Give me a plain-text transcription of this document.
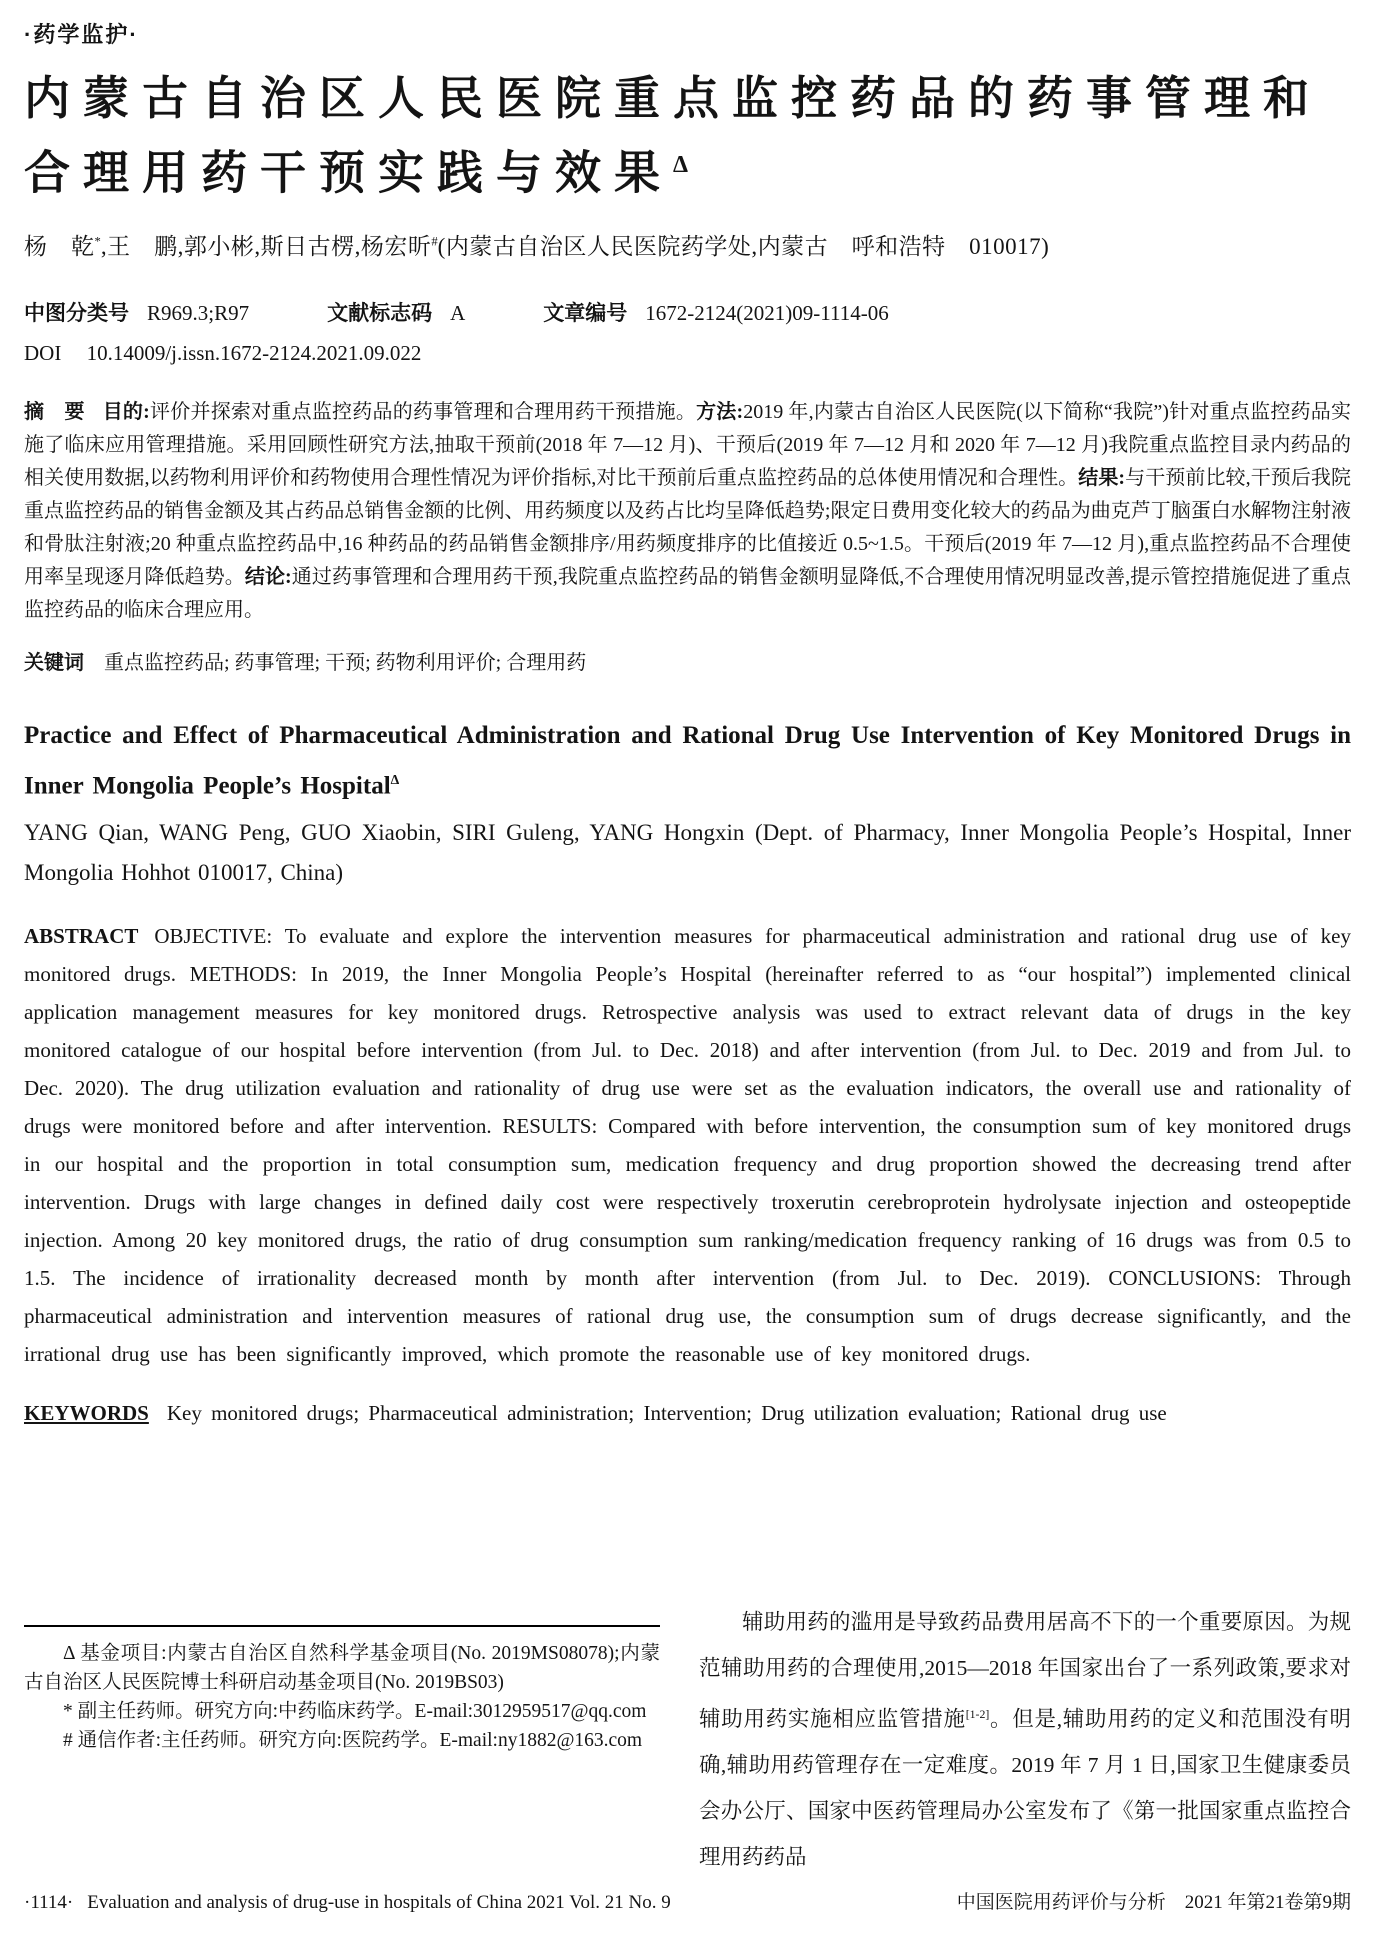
·药学监护·
内蒙古自治区人民医院重点监控药品的药事管理和合理用药干预实践与效果$^\Delta$
杨　乾*,王　鹏,郭小彬,斯日古楞,杨宏昕#(内蒙古自治区人民医院药学处,内蒙古　呼和浩特　010017)
中图分类号 R969.3;R97	文献标志码 A	文章编号 1672-2124(2021)09-1114-06
DOI 10.14009/j.issn.1672-2124.2021.09.022

摘　要 目的:评价并探索对重点监控药品的药事管理和合理用药干预措施。方法:2019 年,内蒙古自治区人民医院(以下简称“我院”)针对重点监控药品实施了临床应用管理措施。采用回顾性研究方法,抽取干预前(2018 年 7—12 月)、干预后(2019 年 7—12 月和 2020 年 7—12 月)我院重点监控目录内药品的相关使用数据,以药物利用评价和药物使用合理性情况为评价指标,对比干预前后重点监控药品的总体使用情况和合理性。结果:与干预前比较,干预后我院重点监控药品的销售金额及其占药品总销售金额的比例、用药频度以及药占比均呈降低趋势;限定日费用变化较大的药品为曲克芦丁脑蛋白水解物注射液和骨肽注射液;20 种重点监控药品中,16 种药品的药品销售金额排序/用药频度排序的比值接近 0.5~1.5。干预后(2019 年 7—12 月),重点监控药品不合理使用率呈现逐月降低趋势。结论:通过药事管理和合理用药干预,我院重点监控药品的销售金额明显降低,不合理使用情况明显改善,提示管控措施促进了重点监控药品的临床合理应用。

关键词 重点监控药品; 药事管理; 干预; 药物利用评价; 合理用药
Practice and Effect of Pharmaceutical Administration and Rational Drug Use Intervention of Key Monitored Drugs in Inner Mongolia People’s Hospital$^\Delta$
YANG Qian, WANG Peng, GUO Xiaobin, SIRI Guleng, YANG Hongxin (Dept. of Pharmacy, Inner Mongolia People’s Hospital, Inner Mongolia Hohhot 010017, China)

ABSTRACT OBJECTIVE: To evaluate and explore the intervention measures for pharmaceutical administration and rational drug use of key monitored drugs. METHODS: In 2019, the Inner Mongolia People’s Hospital (hereinafter referred to as “our hospital”) implemented clinical application management measures for key monitored drugs. Retrospective analysis was used to extract relevant data of drugs in the key monitored catalogue of our hospital before intervention (from Jul. to Dec. 2018) and after intervention (from Jul. to Dec. 2019 and from Jul. to Dec. 2020). The drug utilization evaluation and rationality of drug use were set as the evaluation indicators, the overall use and rationality of drugs were monitored before and after intervention. RESULTS: Compared with before intervention, the consumption sum of key monitored drugs in our hospital and the proportion in total consumption sum, medication frequency and drug proportion showed the decreasing trend after intervention. Drugs with large changes in defined daily cost were respectively troxerutin cerebroprotein hydrolysate injection and osteopeptide injection. Among 20 key monitored drugs, the ratio of drug consumption sum ranking/medication frequency ranking of 16 drugs was from 0.5 to 1.5. The incidence of irrationality decreased month by month after intervention (from Jul. to Dec. 2019). CONCLUSIONS: Through pharmaceutical administration and intervention measures of rational drug use, the consumption sum of drugs decrease significantly, and the irrational drug use has been significantly improved, which promote the reasonable use of key monitored drugs.

KEYWORDS Key monitored drugs; Pharmaceutical administration; Intervention; Drug utilization evaluation; Rational drug use

Δ 基金项目:内蒙古自治区自然科学基金项目(No. 2019MS08078);内蒙古自治区人民医院博士科研启动基金项目(No. 2019BS03)

* 副主任药师。研究方向:中药临床药学。E-mail:3012959517@qq.com

# 通信作者:主任药师。研究方向:医院药学。E-mail:ny1882@163.com

辅助用药的滥用是导致药品费用居高不下的一个重要原因。为规范辅助用药的合理使用,2015—2018 年国家出台了一系列政策,要求对辅助用药实施相应监管措施[1-2]。但是,辅助用药的定义和范围没有明确,辅助用药管理存在一定难度。2019 年 7 月 1 日,国家卫生健康委员会办公厅、国家中医药管理局办公室发布了《第一批国家重点监控合理用药药品

·1114· Evaluation and analysis of drug-use in hospitals of China 2021 Vol. 21 No. 9	中国医院用药评价与分析　2021 年第21卷第9期
